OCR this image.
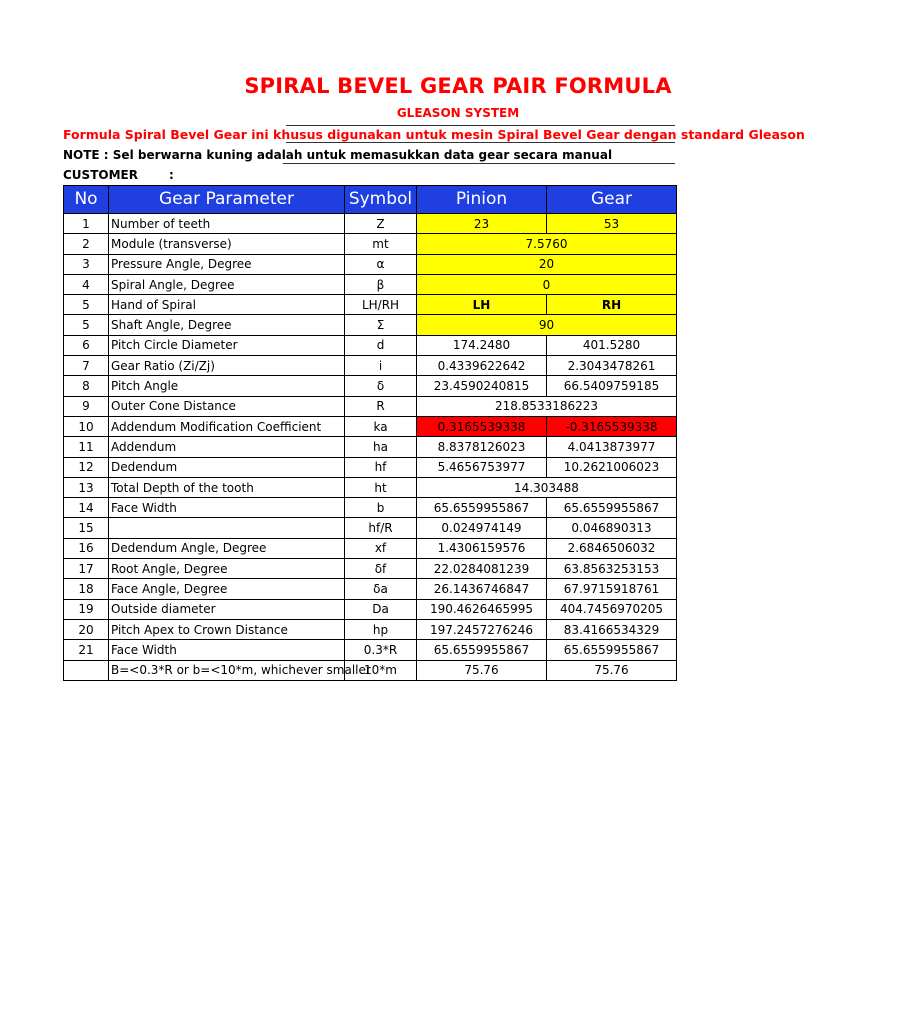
SPIRAL BEVEL GEAR PAIR FORMULA
GLEASON SYSTEM
Formula Spiral Bevel Gear ini khusus digunakan untuk mesin Spiral Bevel Gear dengan standard Gleason
NOTE : Sel berwarna kuning adalah untuk memasukkan data gear secara manual
CUSTOMER	:
No	Gear Parameter	Symbol	Pinion	Gear
1	Number of teeth	Z	23	53
2	Module (transverse)	mt	7.5760	
3	Pressure Angle, Degree	α	20	
4	Spiral Angle, Degree	β	0	
5	Hand of Spiral	LH/RH	LH	RH
5	Shaft Angle, Degree	Σ	90	
6	Pitch Circle Diameter	d	174.2480	401.5280
7	Gear Ratio (Zi/Zj)	i	0.4339622642	2.3043478261
8	Pitch Angle	δ	23.4590240815	66.5409759185
9	Outer Cone Distance	R	218.8533186223	
10	Addendum Modification Coefficient	ka	0.3165539338	-0.3165539338
11	Addendum	ha	8.8378126023	4.0413873977
12	Dedendum	hf	5.4656753977	10.2621006023
13	Total Depth of the tooth	ht	14.303488	
14	Face Width	b	65.6559955867	65.6559955867
15		hf/R	0.024974149	0.046890313
16	Dedendum Angle, Degree	xf	1.4306159576	2.6846506032
17	Root Angle, Degree	δf	22.0284081239	63.8563253153
18	Face Angle, Degree	δa	26.1436746847	67.9715918761
19	Outside diameter	Da	190.4626465995	404.7456970205
20	Pitch Apex to Crown Distance	hp	197.2457276246	83.4166534329
21	Face Width	0.3*R	65.6559955867	65.6559955867
	B=<0.3*R or b=<10*m, whichever smaller	10*m	75.76	75.76
